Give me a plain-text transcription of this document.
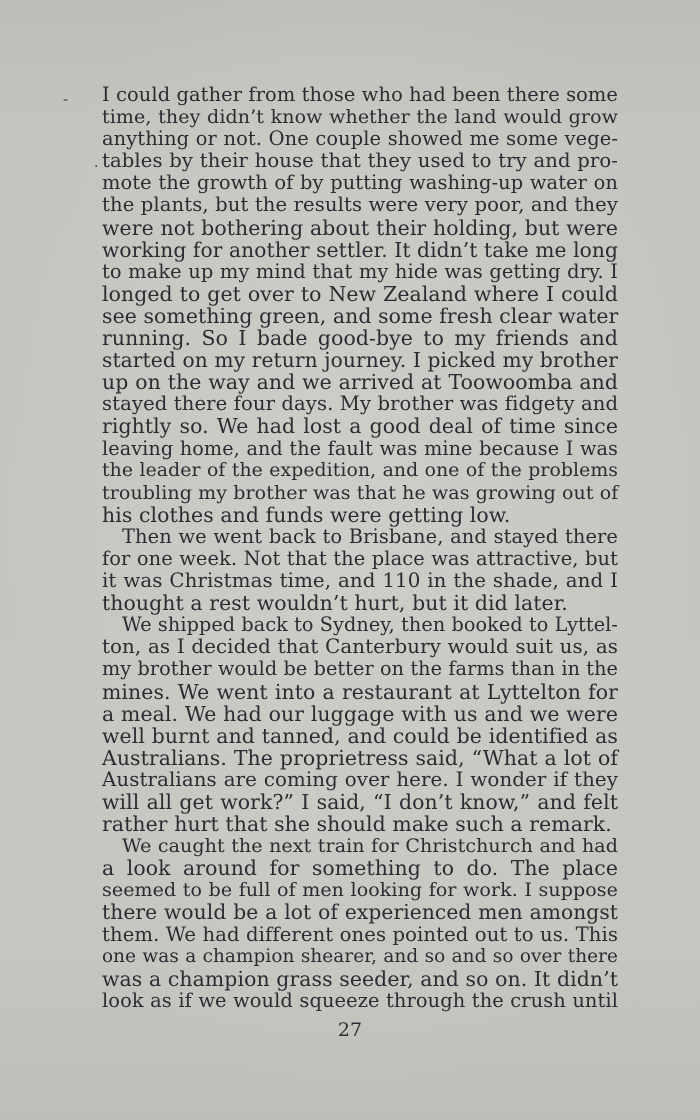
-
.
I could gather from those who had been there some
time, they didn’t know whether the land would grow
anything or not. One couple showed me some vege-
tables by their house that they used to try and pro-
mote the growth of by putting washing-up water on
the plants, but the results were very poor, and they
were not bothering about their holding, but were
working for another settler. It didn’t take me long
to make up my mind that my hide was getting dry. I
longed to get over to New Zealand where I could
see something green, and some fresh clear water
running. So I bade good-bye to my friends and
started on my return journey. I picked my brother
up on the way and we arrived at Toowoomba and
stayed there four days. My brother was fidgety and
rightly so. We had lost a good deal of time since
leaving home, and the fault was mine because I was
the leader of the expedition, and one of the problems
troubling my brother was that he was growing out of
his clothes and funds were getting low.
Then we went back to Brisbane, and stayed there
for one week. Not that the place was attractive, but
it was Christmas time, and 110 in the shade, and I
thought a rest wouldn’t hurt, but it did later.
We shipped back to Sydney, then booked to Lyttel-
ton, as I decided that Canterbury would suit us, as
my brother would be better on the farms than in the
mines. We went into a restaurant at Lyttelton for
a meal. We had our luggage with us and we were
well burnt and tanned, and could be identified as
Australians. The proprietress said, “What a lot of
Australians are coming over here. I wonder if they
will all get work?” I said, “I don’t know,” and felt
rather hurt that she should make such a remark.
We caught the next train for Christchurch and had
a look around for something to do. The place
seemed to be full of men looking for work. I suppose
there would be a lot of experienced men amongst
them. We had different ones pointed out to us. This
one was a champion shearer, and so and so over there
was a champion grass seeder, and so on. It didn’t
look as if we would squeeze through the crush until
27
